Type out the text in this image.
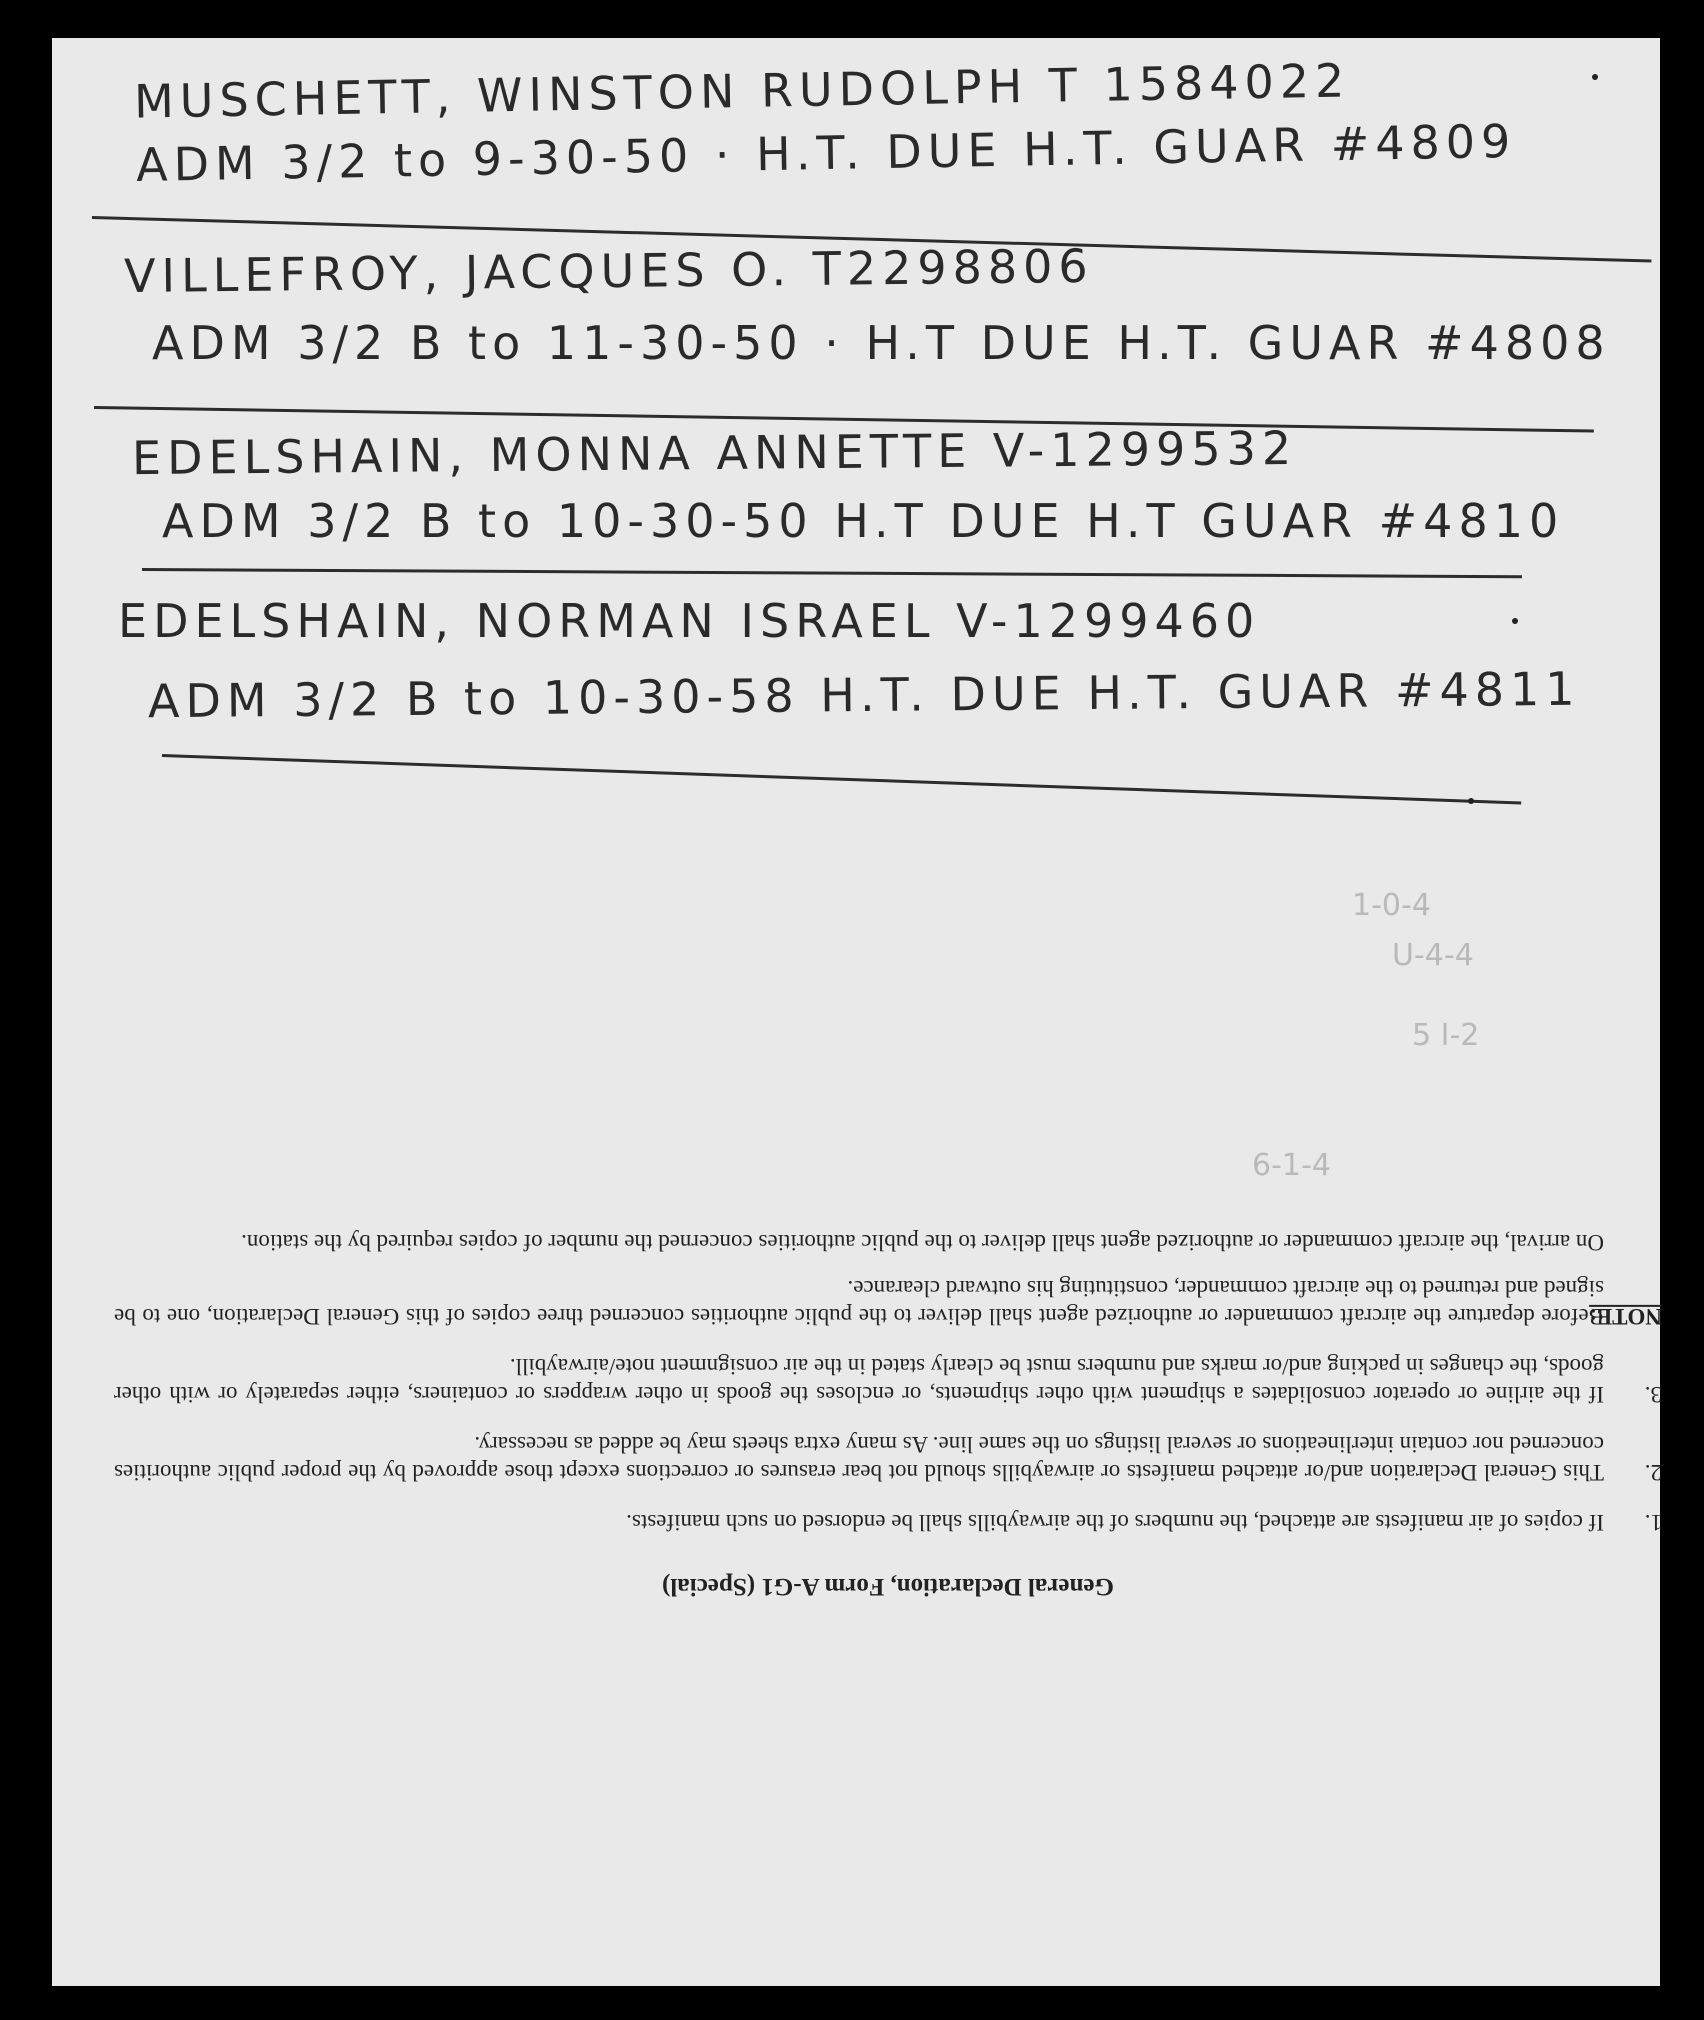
MUSCHETT, WINSTON RUDOLPH T 1584022
ADM 3/2 to 9-30-50 · H.T. DUE H.T. GUAR #4809
VILLEFROY, JACQUES O. T2298806
ADM 3/2 B to 11-30-50 · H.T DUE H.T. GUAR #4808
EDELSHAIN, MONNA ANNETTE V-1299532
ADM 3/2 B to 10-30-50 H.T DUE H.T GUAR #4810
EDELSHAIN, NORMAN ISRAEL V-1299460
ADM 3/2 B to 10-30-58 H.T. DUE H.T. GUAR #4811
1-0-4
U-4-4
5 I-2
6-1-4
General Declaration, Form A-G1 (Special)
1.
If copies of air manifests are attached, the numbers of the airwaybills shall be endorsed on such manifests.
2.
This General Declaration and/or attached manifests or airwaybills should not bear erasures or corrections except those approved by the proper public authorities concerned nor contain interlineations or several listings on the same line. As many extra sheets may be added as necessary.
3.
If the airline or operator consolidates a shipment with other shipments, or encloses the goods in other wrappers or containers, either separately or with other goods, the changes in packing and/or marks and numbers must be clearly stated in the air consignment note/airwaybill.
NOTE:

Before departure the aircraft commander or authorized agent shall deliver to the public authorities concerned three copies of this General Declaration, one to be signed and returned to the aircraft commander, constituting his outward clearance.

On arrival, the aircraft commander or authorized agent shall deliver to the public authorities concerned the number of copies required by the station.
